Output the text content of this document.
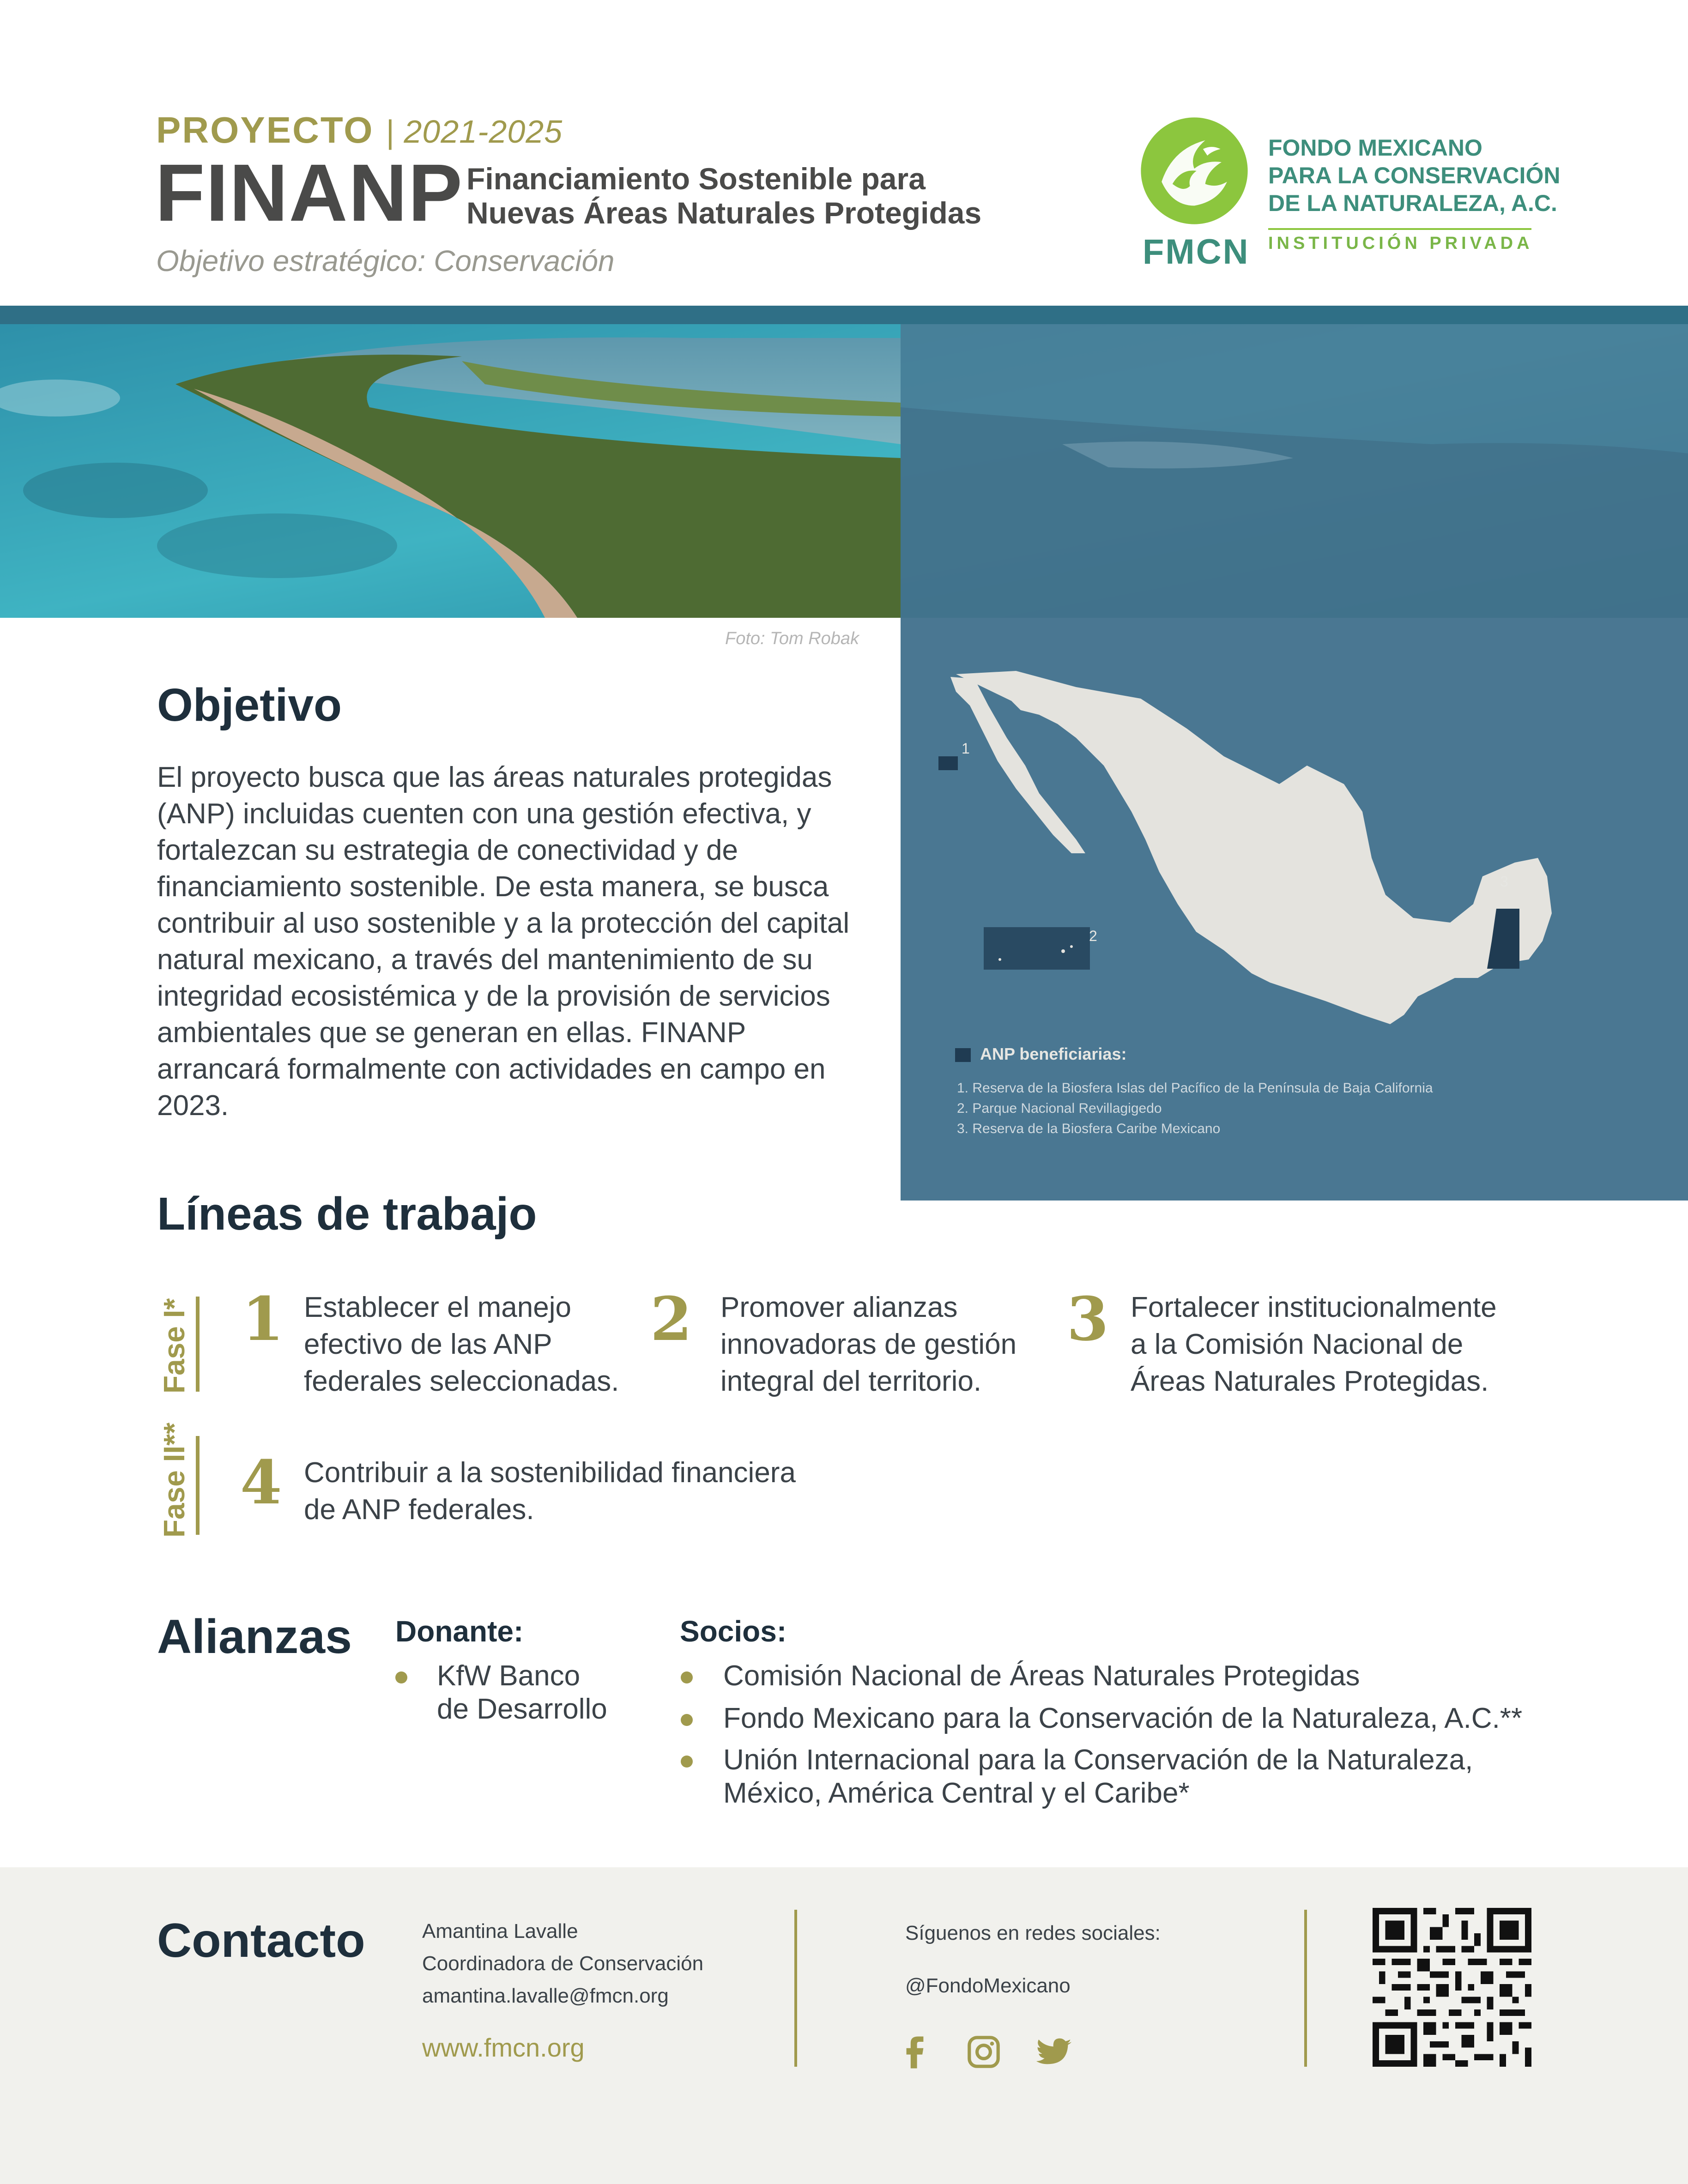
PROYECTO | 2021-2025
FINANP Financiamiento Sostenible para
Nuevas Áreas Naturales Protegidas
Objetivo estratégico: Conservación	FMCN
FONDO MEXICANO
PARA LA CONSERVACIÓN
DE LA NATURALEZA, A.C.
INSTITUCIÓN PRIVADA
Foto: Tom Robak
Objetivo
El proyecto busca que las áreas naturales protegidas (ANP) incluidas cuenten con una gestión efectiva, y fortalezcan su estrategia de conectividad y de financiamiento sostenible. De esta manera, se busca contribuir al uso sostenible y a la protección del capital natural mexicano, a través del mantenimiento de su integridad ecosistémica y de la provisión de servicios ambientales que se generan en ellas. FINANP arrancará formalmente con actividades en campo en 2023.
1
2
3
ANP beneficiarias:
1. Reserva de la Biosfera Islas del Pacífico de la Península de Baja California
2. Parque Nacional Revillagigedo
3. Reserva de la Biosfera Caribe Mexicano
Líneas de trabajo
Fase I*
Fase II**
1 Establecer el manejo
efectivo de las ANP
federales seleccionadas.
2 Promover alianzas
innovadoras de gestión
integral del territorio.
3 Fortalecer institucionalmente
a la Comisión Nacional de
Áreas Naturales Protegidas.
4 Contribuir a la sostenibilidad financiera
de ANP federales.
Alianzas Donante:
KfW Banco
de Desarrollo
Socios:
Comisión Nacional de Áreas Naturales Protegidas
Fondo Mexicano para la Conservación de la Naturaleza, A.C.**
Unión Internacional para la Conservación de la Naturaleza,
México, América Central y el Caribe*
Contacto	Amantina Lavalle
Coordinadora de Conservación
amantina.lavalle@fmcn.org
www.fmcn.org
Síguenos en redes sociales:
@FondoMexicano
